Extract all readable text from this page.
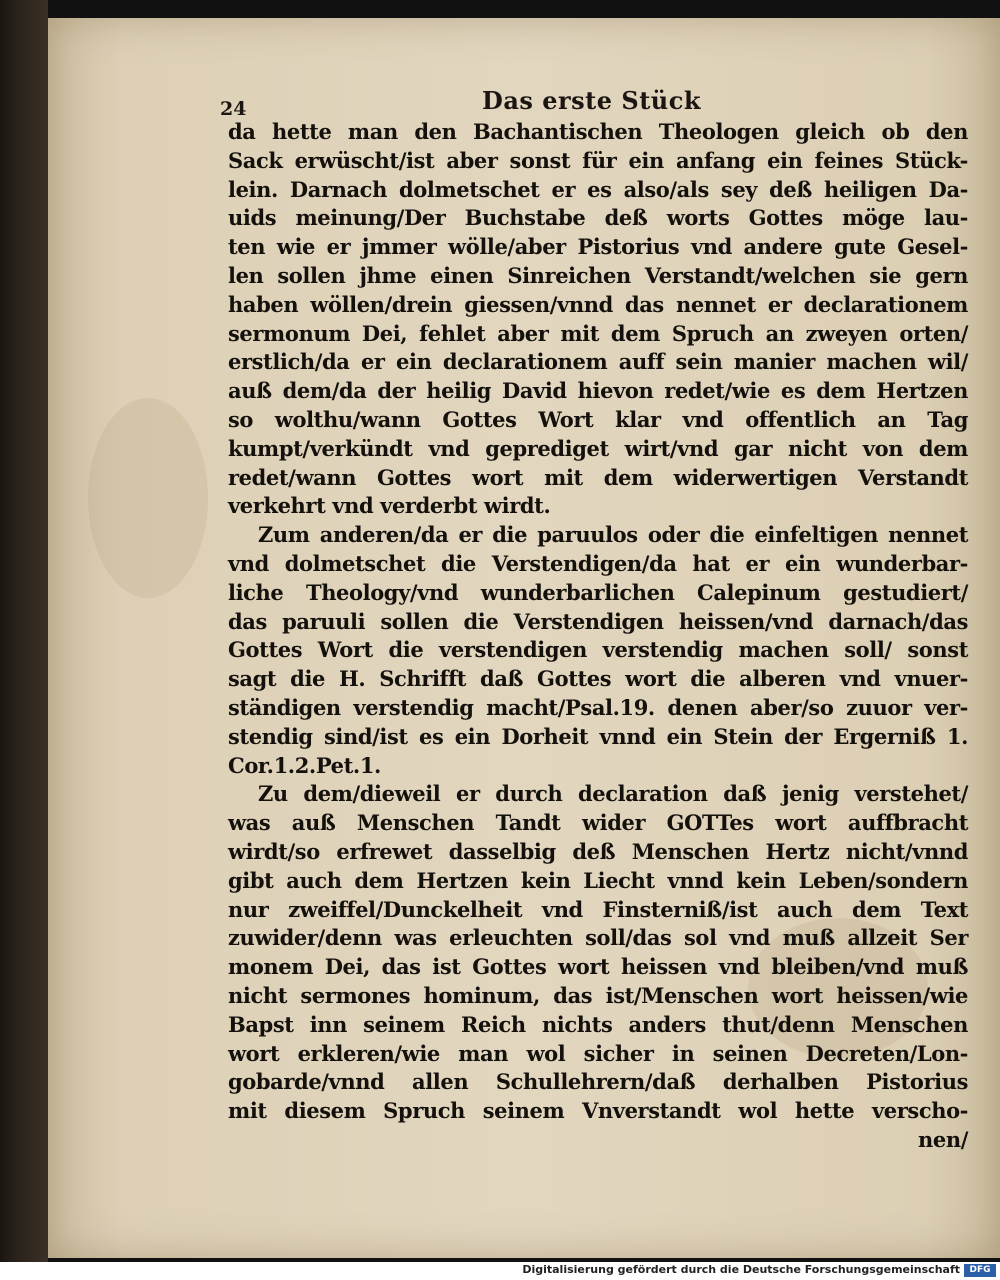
24	Das erste Stück
da hette man den Bachantischen Theologen gleich ob den
Sack erwüscht/ist aber sonst für ein anfang ein feines Stück-
lein. Darnach dolmetschet er es also/als sey deß heiligen Da-
uids meinung/Der Buchstabe deß worts Gottes möge lau-
ten wie er jmmer wölle/aber Pistorius vnd andere gute Gesel-
len sollen jhme einen Sinreichen Verstandt/welchen sie gern
haben wöllen/drein giessen/vnnd das nennet er declarationem
sermonum Dei, fehlet aber mit dem Spruch an zweyen orten/
erstlich/da er ein declarationem auff sein manier machen wil/
auß dem/da der heilig David hievon redet/wie es dem Hertzen
so wolthu/wann Gottes Wort klar vnd offentlich an Tag
kumpt/verkündt vnd geprediget wirt/vnd gar nicht von dem
redet/wann Gottes wort mit dem widerwertigen Verstandt
verkehrt vnd verderbt wirdt.
Zum anderen/da er die paruulos oder die einfeltigen nennet
vnd dolmetschet die Verstendigen/da hat er ein wunderbar-
liche Theology/vnd wunderbarlichen Calepinum gestudiert/
das paruuli sollen die Verstendigen heissen/vnd darnach/das
Gottes Wort die verstendigen verstendig machen soll/ sonst
sagt die H. Schrifft daß Gottes wort die alberen vnd vnuer-
ständigen verstendig macht/Psal.19. denen aber/so zuuor ver-
stendig sind/ist es ein Dorheit vnnd ein Stein der Ergerniß 1.
Cor.1.2.Pet.1.
Zu dem/dieweil er durch declaration daß jenig verstehet/
was auß Menschen Tandt wider GOTTes wort auffbracht
wirdt/so erfrewet dasselbig deß Menschen Hertz nicht/vnnd
gibt auch dem Hertzen kein Liecht vnnd kein Leben/sondern
nur zweiffel/Dunckelheit vnd Finsterniß/ist auch dem Text
zuwider/denn was erleuchten soll/das sol vnd muß allzeit Ser
monem Dei, das ist Gottes wort heissen vnd bleiben/vnd muß
nicht sermones hominum, das ist/Menschen wort heissen/wie
Bapst inn seinem Reich nichts anders thut/denn Menschen
wort erkleren/wie man wol sicher in seinen Decreten/Lon-
gobarde/vnnd allen Schullehrern/daß derhalben Pistorius
mit diesem Spruch seinem Vnverstandt wol hette verscho-
nen/
Digitalisierung gefördert durch die Deutsche Forschungsgemeinschaft	DFG
